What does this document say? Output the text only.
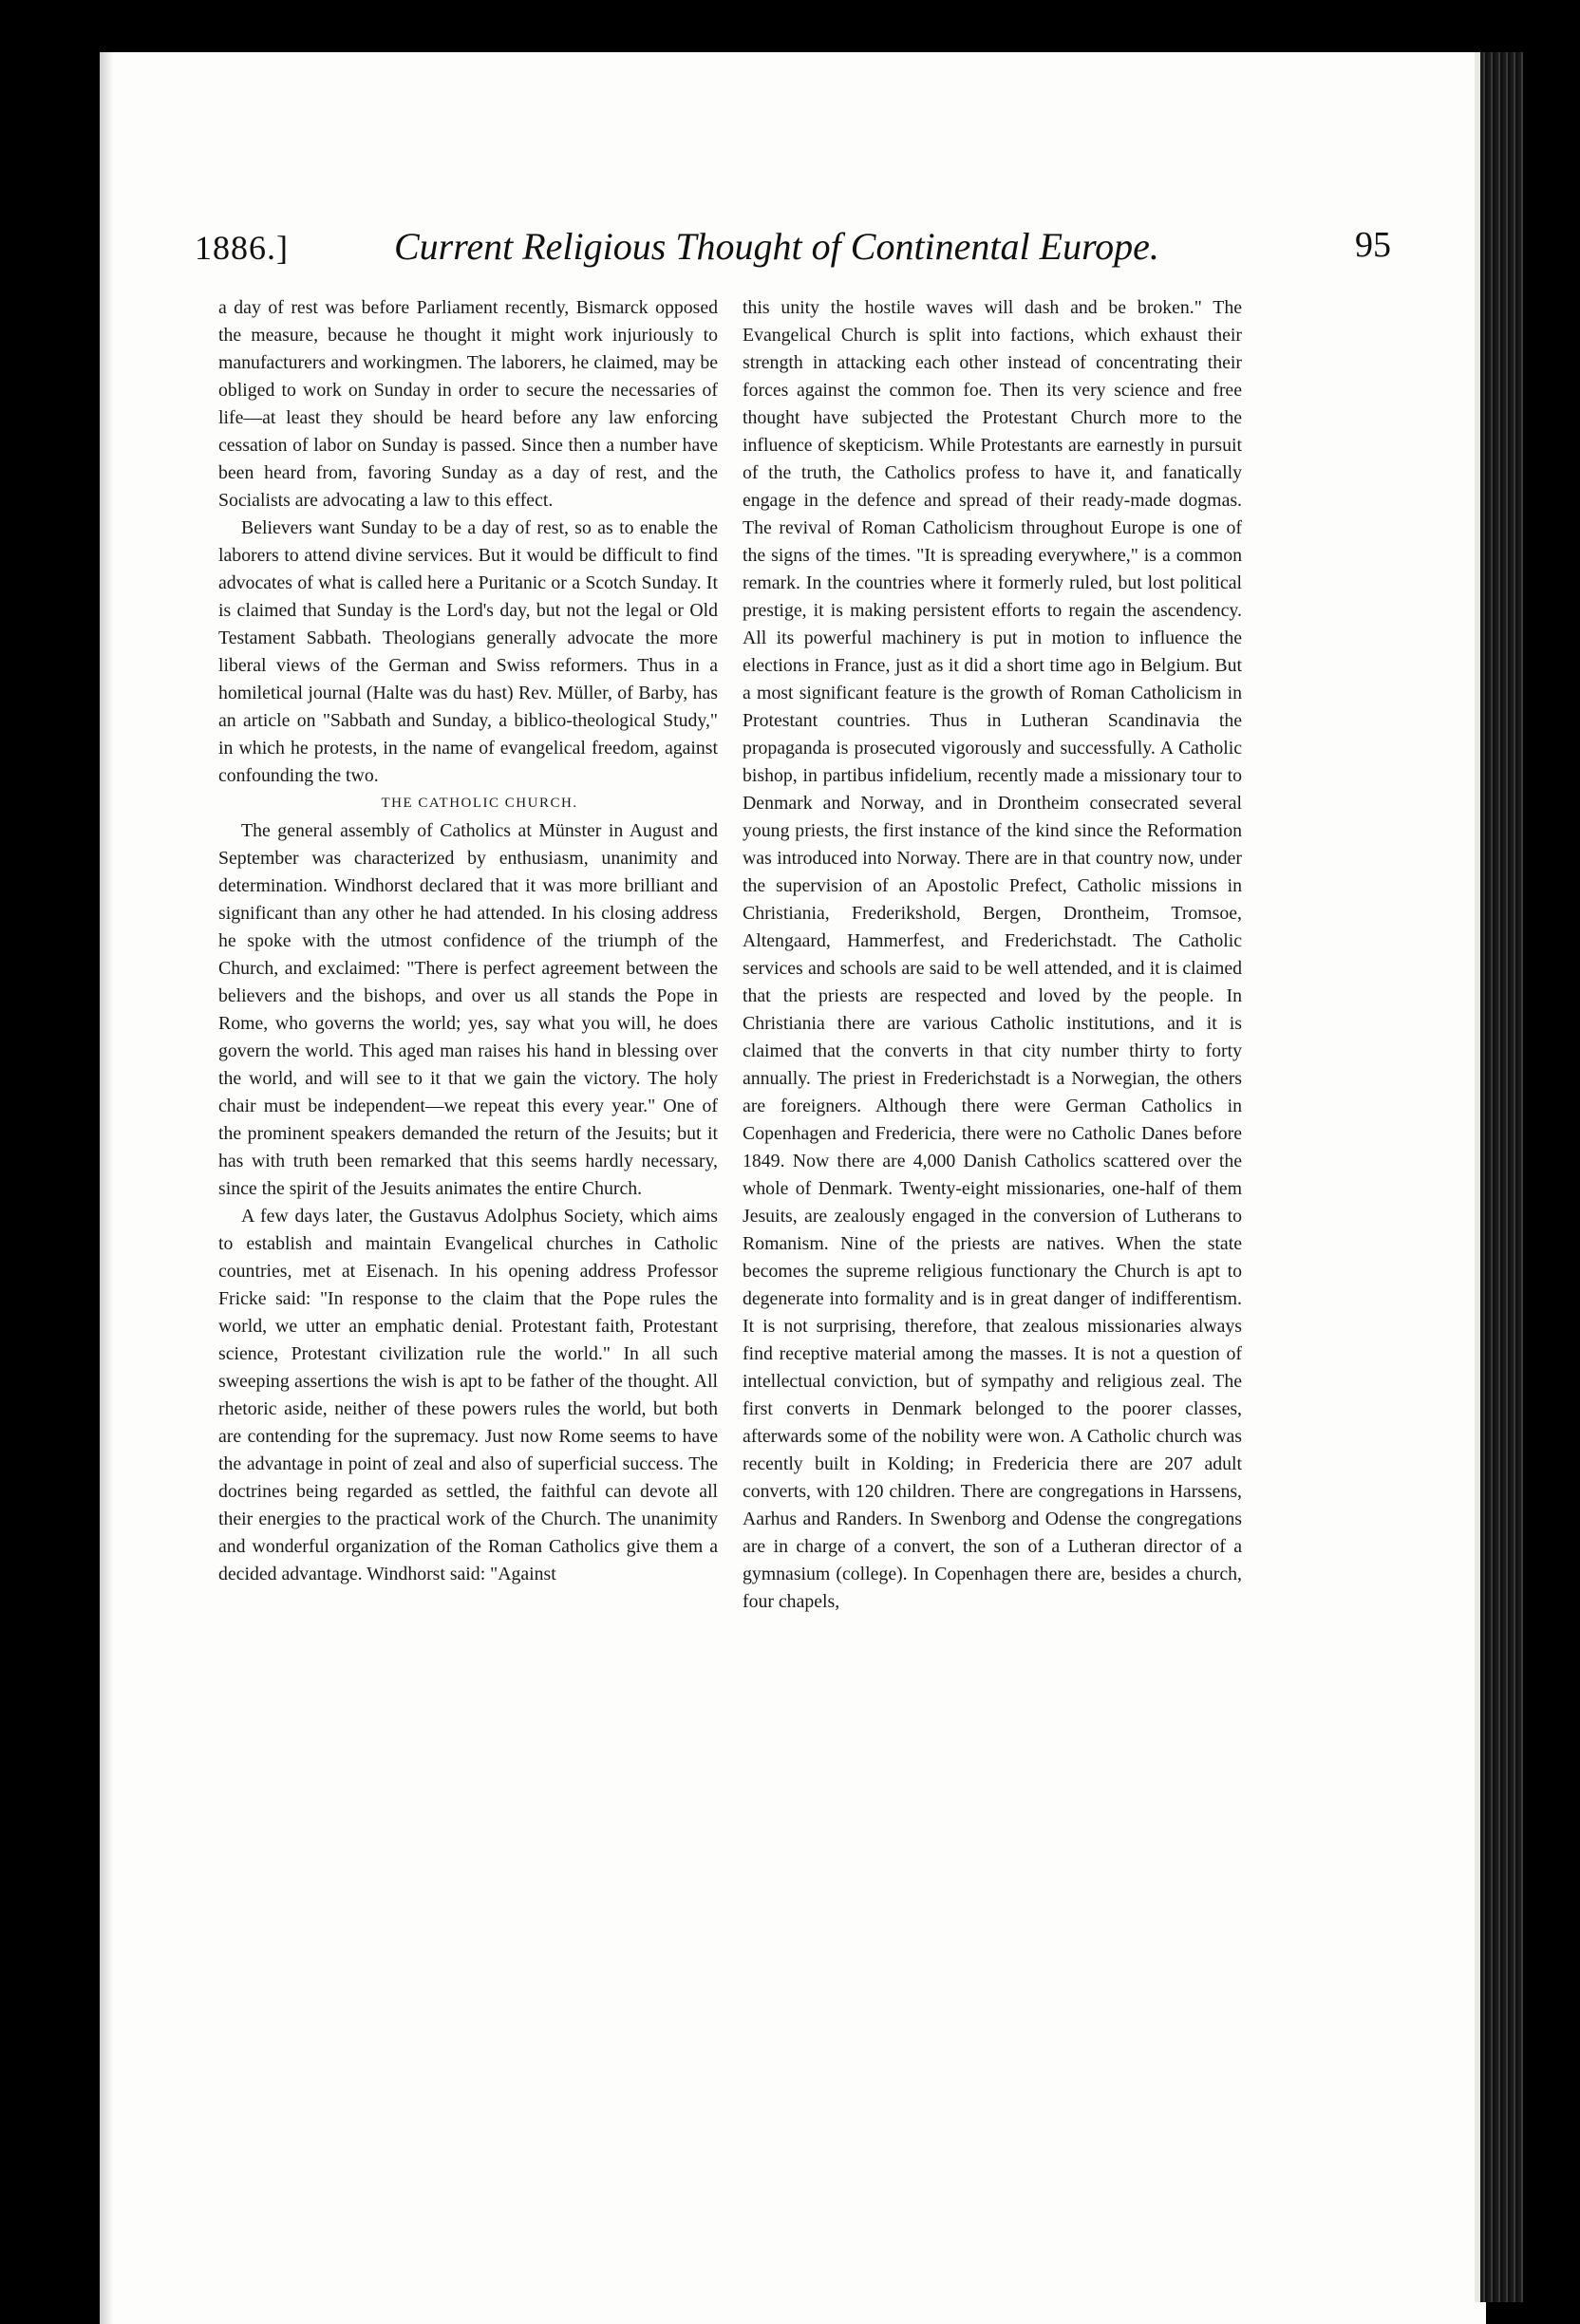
1886.]	Current Religious Thought of Continental Europe.	95

a day of rest was before Parliament recently, Bismarck opposed the measure, because he thought it might work injuriously to manufacturers and workingmen. The laborers, he claimed, may be obliged to work on Sunday in order to secure the necessaries of life—at least they should be heard before any law enforcing cessation of labor on Sunday is passed. Since then a number have been heard from, favoring Sunday as a day of rest, and the Socialists are advocating a law to this effect.

Believers want Sunday to be a day of rest, so as to enable the laborers to attend divine services. But it would be difficult to find advocates of what is called here a Puritanic or a Scotch Sunday. It is claimed that Sunday is the Lord's day, but not the legal or Old Testament Sabbath. Theologians generally advocate the more liberal views of the German and Swiss reformers. Thus in a homiletical journal (Halte was du hast) Rev. Müller, of Barby, has an article on "Sabbath and Sunday, a biblico-theological Study," in which he protests, in the name of evangelical freedom, against confounding the two.

THE CATHOLIC CHURCH.

The general assembly of Catholics at Münster in August and September was characterized by enthusiasm, unanimity and determination. Windhorst declared that it was more brilliant and significant than any other he had attended. In his closing address he spoke with the utmost confidence of the triumph of the Church, and exclaimed: "There is perfect agreement between the believers and the bishops, and over us all stands the Pope in Rome, who governs the world; yes, say what you will, he does govern the world. This aged man raises his hand in blessing over the world, and will see to it that we gain the victory. The holy chair must be independent—we repeat this every year." One of the prominent speakers demanded the return of the Jesuits; but it has with truth been remarked that this seems hardly necessary, since the spirit of the Jesuits animates the entire Church.

A few days later, the Gustavus Adolphus Society, which aims to establish and maintain Evangelical churches in Catholic countries, met at Eisenach. In his opening address Professor Fricke said: "In response to the claim that the Pope rules the world, we utter an emphatic denial. Protestant faith, Protestant science, Protestant civilization rule the world." In all such sweeping assertions the wish is apt to be father of the thought. All rhetoric aside, neither of these powers rules the world, but both are contending for the supremacy. Just now Rome seems to have the advantage in point of zeal and also of superficial success. The doctrines being regarded as settled, the faithful can devote all their energies to the practical work of the Church. The unanimity and wonderful organization of the Roman Catholics give them a decided advantage. Windhorst said: "Against

this unity the hostile waves will dash and be broken." The Evangelical Church is split into factions, which exhaust their strength in attacking each other instead of concentrating their forces against the common foe. Then its very science and free thought have subjected the Protestant Church more to the influence of skepticism. While Protestants are earnestly in pursuit of the truth, the Catholics profess to have it, and fanatically engage in the defence and spread of their ready-made dogmas. The revival of Roman Catholicism throughout Europe is one of the signs of the times. "It is spreading everywhere," is a common remark. In the countries where it formerly ruled, but lost political prestige, it is making persistent efforts to regain the ascendency. All its powerful machinery is put in motion to influence the elections in France, just as it did a short time ago in Belgium. But a most significant feature is the growth of Roman Catholicism in Protestant countries. Thus in Lutheran Scandinavia the propaganda is prosecuted vigorously and successfully. A Catholic bishop, in partibus infidelium, recently made a missionary tour to Denmark and Norway, and in Drontheim consecrated several young priests, the first instance of the kind since the Reformation was introduced into Norway. There are in that country now, under the supervision of an Apostolic Prefect, Catholic missions in Christiania, Frederikshold, Bergen, Drontheim, Tromsoe, Altengaard, Hammerfest, and Frederichstadt. The Catholic services and schools are said to be well attended, and it is claimed that the priests are respected and loved by the people. In Christiania there are various Catholic institutions, and it is claimed that the converts in that city number thirty to forty annually. The priest in Frederichstadt is a Norwegian, the others are foreigners. Although there were German Catholics in Copenhagen and Fredericia, there were no Catholic Danes before 1849. Now there are 4,000 Danish Catholics scattered over the whole of Denmark. Twenty-eight missionaries, one-half of them Jesuits, are zealously engaged in the conversion of Lutherans to Romanism. Nine of the priests are natives. When the state becomes the supreme religious functionary the Church is apt to degenerate into formality and is in great danger of indifferentism. It is not surprising, therefore, that zealous missionaries always find receptive material among the masses. It is not a question of intellectual conviction, but of sympathy and religious zeal. The first converts in Denmark belonged to the poorer classes, afterwards some of the nobility were won. A Catholic church was recently built in Kolding; in Fredericia there are 207 adult converts, with 120 children. There are congregations in Harssens, Aarhus and Randers. In Swenborg and Odense the congregations are in charge of a convert, the son of a Lutheran director of a gymnasium (college). In Copenhagen there are, besides a church, four chapels,
